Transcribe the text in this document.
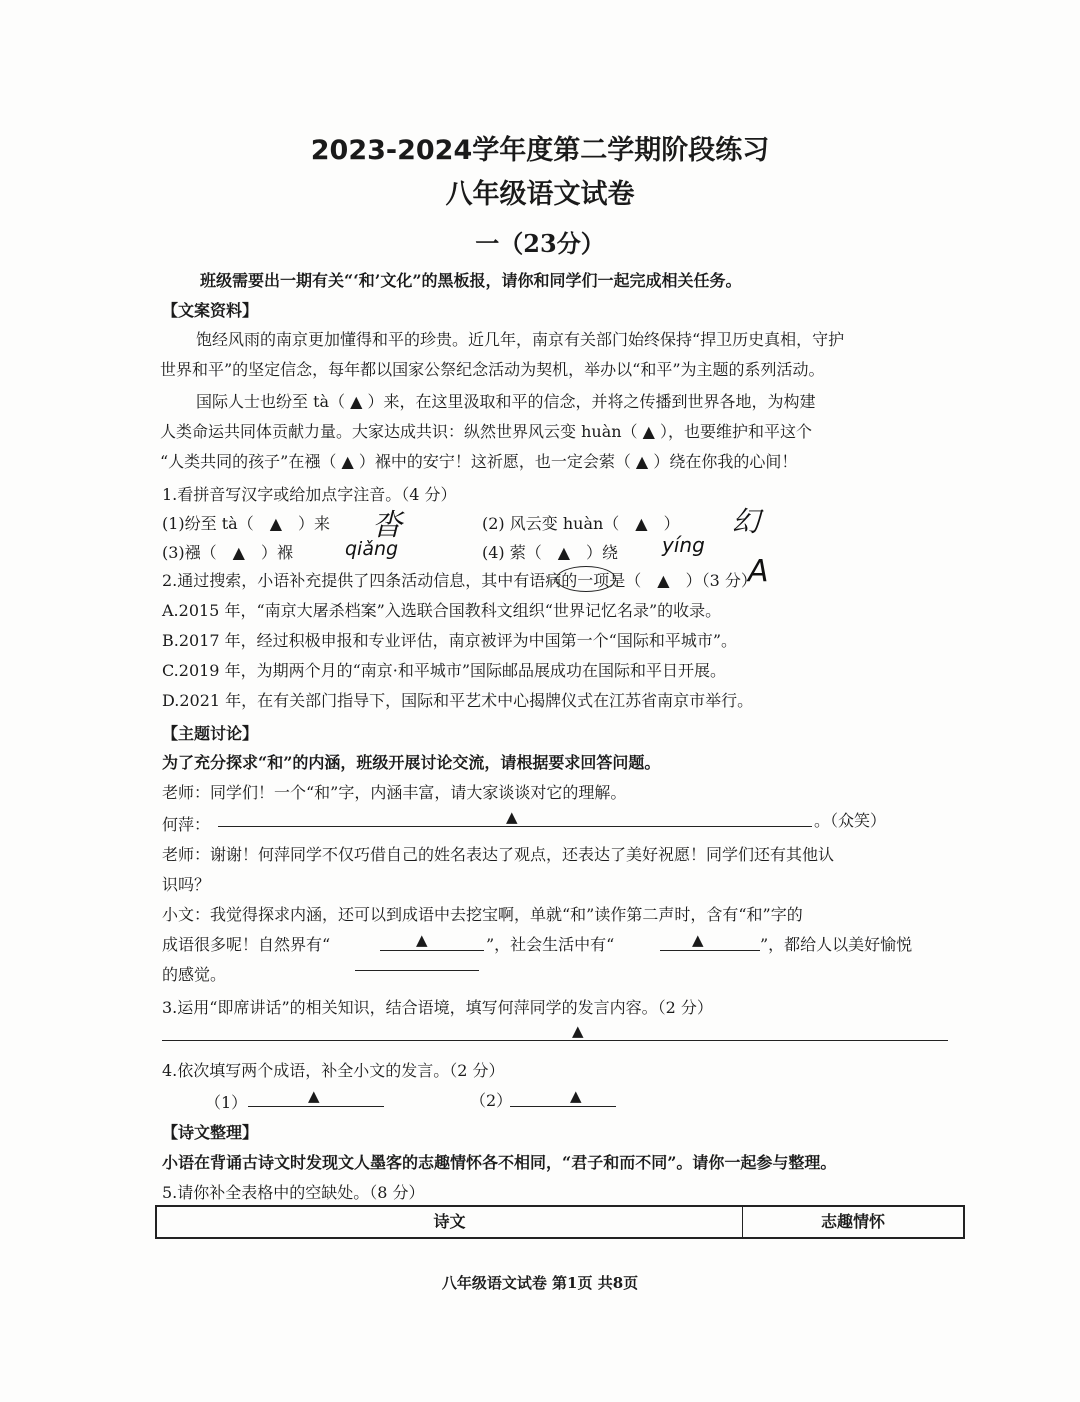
2023-2024学年度第二学期阶段练习
八年级语文试卷
一（23分）
班级需要出一期有关“‘和’文化”的黑板报，请你和同学们一起完成相关任务。
【文案资料】
饱经风雨的南京更加懂得和平的珍贵。近几年，南京有关部门始终保持“捍卫历史真相，守护
世界和平”的坚定信念，每年都以国家公祭纪念活动为契机，举办以“和平”为主题的系列活动。
国际人士也纷至 tà（ ▲ ）来，在这里汲取和平的信念，并将之传播到世界各地，为构建
人类命运共同体贡献力量。大家达成共识：纵然世界风云变 huàn（ ▲ ），也要维护和平这个
“人类共同的孩子”在襁（ ▲ ）褓中的安宁！这祈愿，也一定会萦（ ▲ ）绕在你我的心间！
1.看拼音写汉字或给加点字注音。（4 分）
(1)纷至 tà（　▲　）来 沓	(2) 风云变 huàn（　▲　） 幻
(3)襁（　▲　）褓	qiǎng	(4) 萦（　▲　）绕 yíng
2.通过搜索，小语补充提供了四条活动信息，其中有语病的一项是（　▲　）（3 分）
A
A.2015 年，“南京大屠杀档案”入选联合国教科文组织“世界记忆名录”的收录。
B.2017 年，经过积极申报和专业评估，南京被评为中国第一个“国际和平城市”。
C.2019 年，为期两个月的“南京·和平城市”国际邮品展成功在国际和平日开展。
D.2021 年，在有关部门指导下，国际和平艺术中心揭牌仪式在江苏省南京市举行。
【主题讨论】
为了充分探求“和”的内涵，班级开展讨论交流，请根据要求回答问题。
老师：同学们！一个“和”字，内涵丰富，请大家谈谈对它的理解。
何萍：	▲	。（众笑）
老师：谢谢！何萍同学不仅巧借自己的姓名表达了观点，还表达了美好祝愿！同学们还有其他认
识吗？
小文：我觉得探求内涵，还可以到成语中去挖宝啊，单就“和”读作第二声时，含有“和”字的
成语很多呢！自然界有“	▲	”，社会生活中有“	▲	”，都给人以美好愉悦
的感觉。
3.运用“即席讲话”的相关知识，结合语境，填写何萍同学的发言内容。（2 分）
▲
4.依次填写两个成语，补全小文的发言。（2 分）
（1）	▲	（2）	▲
【诗文整理】
小语在背诵古诗文时发现文人墨客的志趣情怀各不相同，“君子和而不同”。请你一起参与整理。
5.请你补全表格中的空缺处。（8 分）
诗文	志趣情怀
八年级语文试卷 第1页 共8页
